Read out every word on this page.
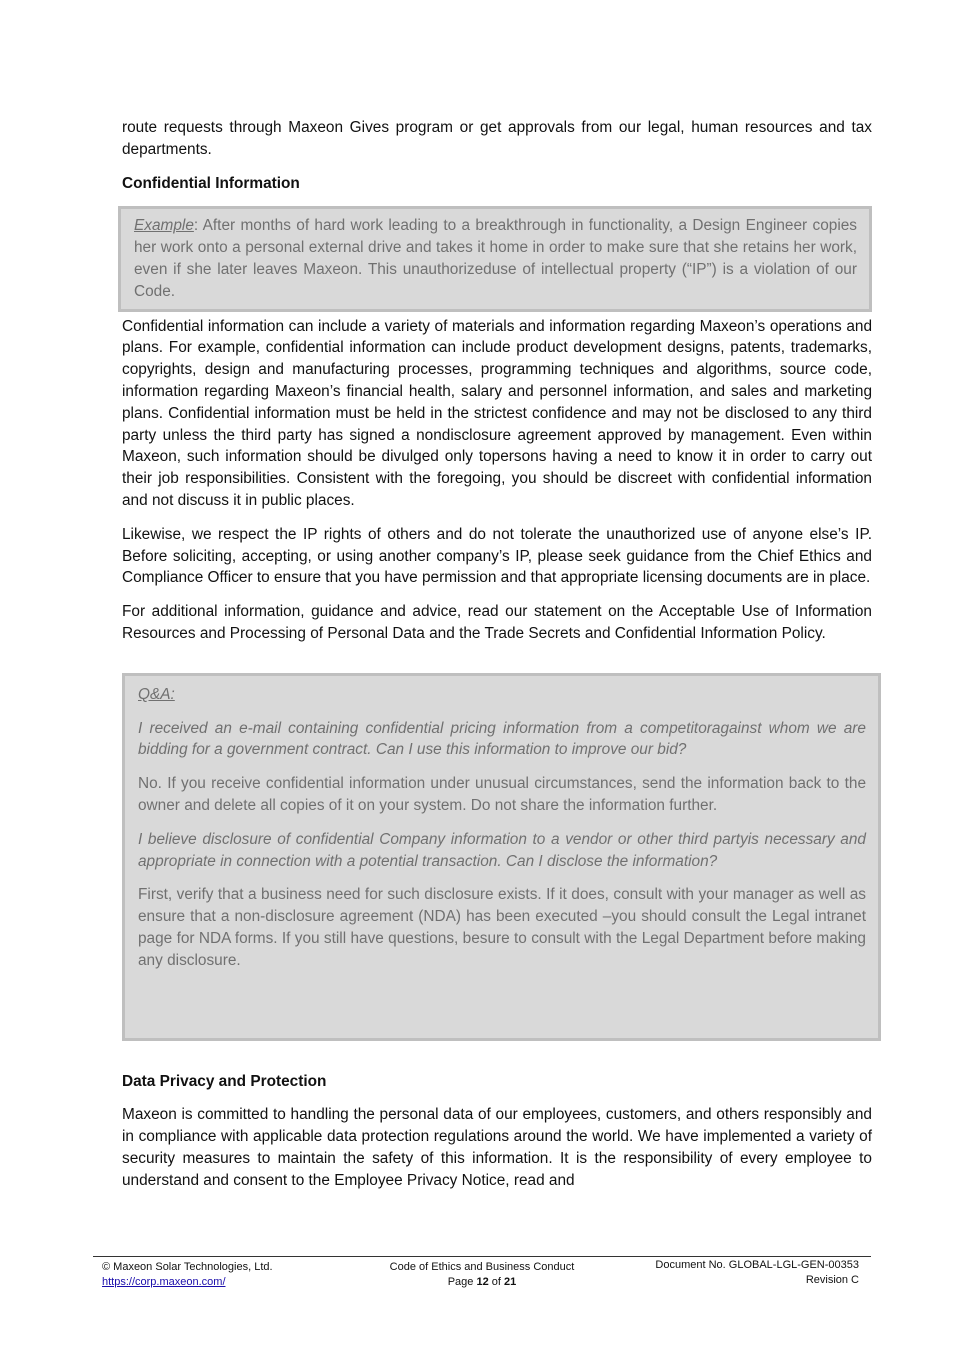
route requests through Maxeon Gives program or get approvals from our legal, human resources and tax departments.

Confidential Information

Example: After months of hard work leading to a breakthrough in functionality, a Design Engineer copies her work onto a personal external drive and takes it home in order to make sure that she retains her work, even if she later leaves Maxeon. This unauthorizeduse of intellectual property (“IP”) is a violation of our Code.

Confidential information can include a variety of materials and information regarding Maxeon’s operations and plans. For example, confidential information can include product development designs, patents, trademarks, copyrights, design and manufacturing processes, programming techniques and algorithms, source code, information regarding Maxeon’s financial health, salary and personnel information, and sales and marketing plans. Confidential information must be held in the strictest confidence and may not be disclosed to any third party unless the third party has signed a nondisclosure agreement approved by management. Even within Maxeon, such information should be divulged only topersons having a need to know it in order to carry out their job responsibilities. Consistent with the foregoing, you should be discreet with confidential information and not discuss it in public places.

Likewise, we respect the IP rights of others and do not tolerate the unauthorized use of anyone else’s IP. Before soliciting, accepting, or using another company’s IP, please seek guidance from the Chief Ethics and Compliance Officer to ensure that you have permission and that appropriate licensing documents are in place.

For additional information, guidance and advice, read our statement on the Acceptable Use of Information Resources and Processing of Personal Data and the Trade Secrets and Confidential Information Policy.

Q&A:

I received an e-mail containing confidential pricing information from a competitoragainst whom we are bidding for a government contract. Can I use this information to improve our bid?

No. If you receive confidential information under unusual circumstances, send the information back to the owner and delete all copies of it on your system. Do not share the information further.

I believe disclosure of confidential Company information to a vendor or other third partyis necessary and appropriate in connection with a potential transaction. Can I disclose the information?

First, verify that a business need for such disclosure exists. If it does, consult with your manager as well as ensure that a non-disclosure agreement (NDA) has been executed –you should consult the Legal intranet page for NDA forms. If you still have questions, besure to consult with the Legal Department before making any disclosure.

Data Privacy and Protection

Maxeon is committed to handling the personal data of our employees, customers, and others responsibly and in compliance with applicable data protection regulations around the world. We have implemented a variety of security measures to maintain the safety of this information. It is the responsibility of every employee to understand and consent to the Employee Privacy Notice, read and

© Maxeon Solar Technologies, Ltd.
https://corp.maxeon.com/
Code of Ethics and Business Conduct
Page 12 of 21
Document No. GLOBAL-LGL-GEN-00353
Revision C
